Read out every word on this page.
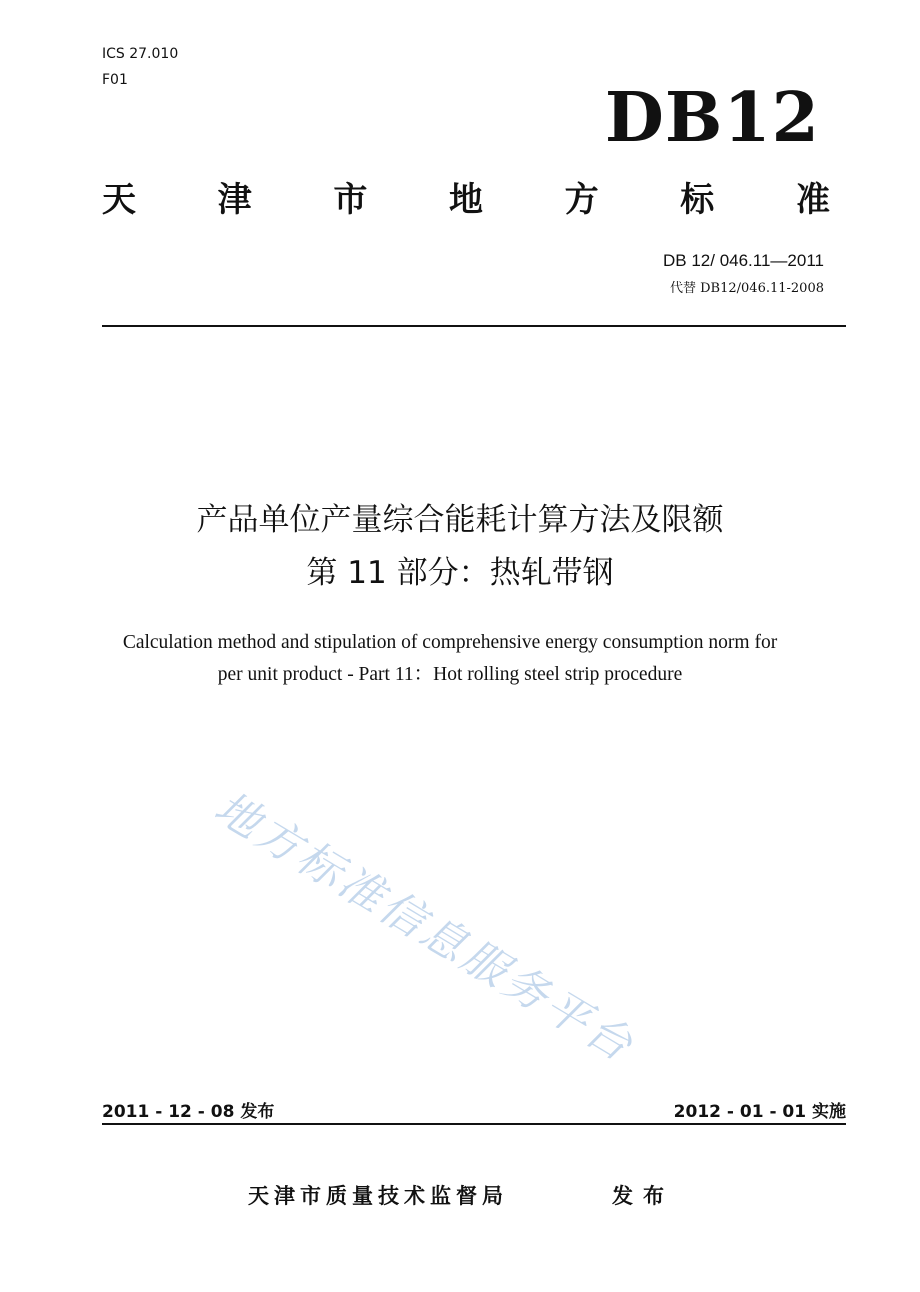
ICS 27.010
F01	DB12
天 津 市 地 方 标 准
DB 12/ 046.11—2011
代替 DB12/046.11-2008
产品单位产量综合能耗计算方法及限额
第 11 部分：热轧带钢
Calculation method and stipulation of comprehensive energy consumption norm for
per unit product - Part 11：Hot rolling steel strip procedure
地方标准信息服务平台
2011 - 12 - 08 发布	2012 - 01 - 01 实施
天津市质量技术监督局	发布
